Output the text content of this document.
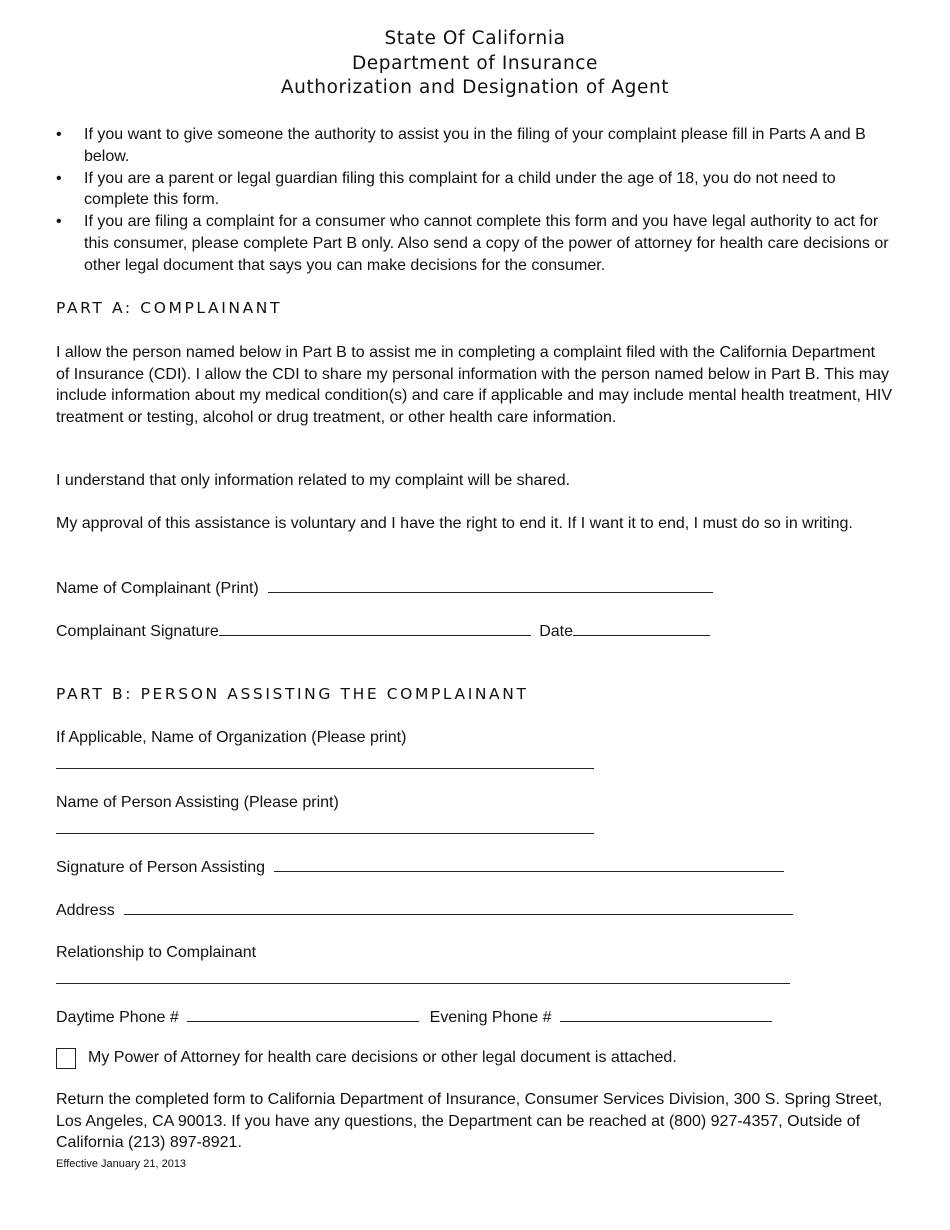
State Of California
Department of Insurance
Authorization and Designation of Agent
• If you want to give someone the authority to assist you in the filing of your complaint please fill in Parts A and B below.
• If you are a parent or legal guardian filing this complaint for a child under the age of 18, you do not need to complete this form.
• If you are filing a complaint for a consumer who cannot complete this form and you have legal authority to act for this consumer, please complete Part B only. Also send a copy of the power of attorney for health care decisions or other legal document that says you can make decisions for the consumer.
PART A: COMPLAINANT

I allow the person named below in Part B to assist me in completing a complaint filed with the California Department of Insurance (CDI). I allow the CDI to share my personal information with the person named below in Part B. This may include information about my medical condition(s) and care if applicable and may include mental health treatment, HIV treatment or testing, alcohol or drug treatment, or other health care information.

I understand that only information related to my complaint will be shared.

My approval of this assistance is voluntary and I have the right to end it. If I want it to end, I must do so in writing.

Name of Complainant (Print)
Complainant Signature	Date
PART B: PERSON ASSISTING THE COMPLAINANT
If Applicable, Name of Organization (Please print)
Name of Person Assisting (Please print)
Signature of Person Assisting
Address
Relationship to Complainant
Daytime Phone #	Evening Phone #
My Power of Attorney for health care decisions or other legal document is attached.

Return the completed form to California Department of Insurance, Consumer Services Division, 300 S. Spring Street, Los Angeles, CA 90013. If you have any questions, the Department can be reached at (800) 927-4357, Outside of California (213) 897-8921.

Effective January 21, 2013
